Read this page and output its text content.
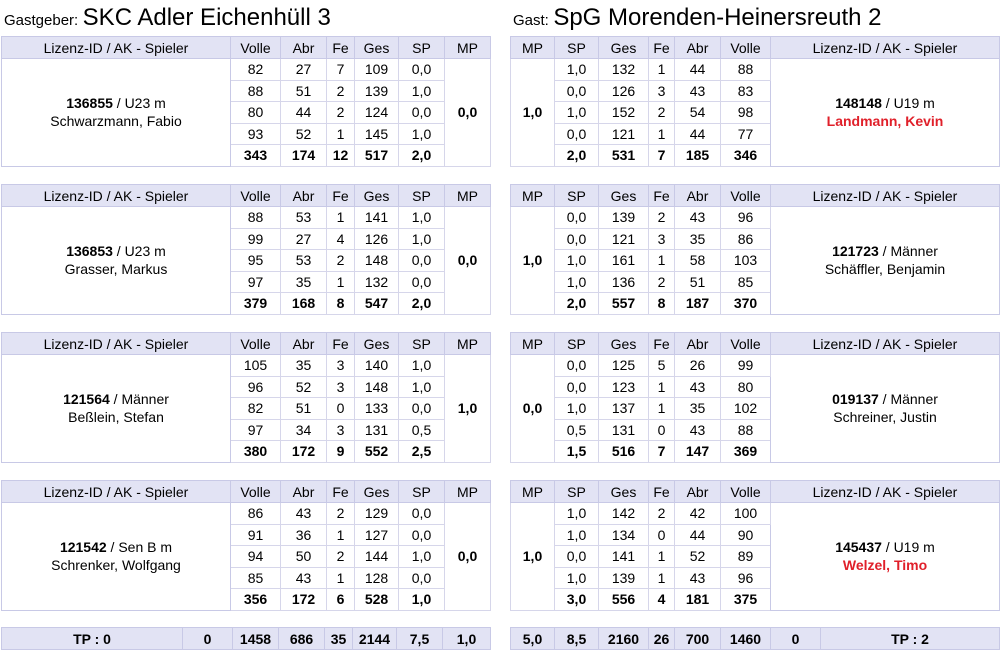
Gastgeber: SKC Adler Eichenhüll 3	Gast: SpG Morenden-Heinersreuth 2
Lizenz-ID / AK - Spieler	Volle	Abr	Fe	Ges	SP	MP

136855 / U23 m
Schwarzmann, Fabio	82	27	7	109	0,0	0,0
	88	51	2	139	1,0	
	80	44	2	124	0,0	
	93	52	1	145	1,0	
	343	174	12	517	2,0	
MP	SP	Ges	Fe	Abr	Volle	Lizenz-ID / AK - Spieler
1,0	1,0	132	1	44	88	148148 / U19 m
Landmann, Kevin

	0,0	126	3	43	83	
	1,0	152	2	54	98	
	0,0	121	1	44	77	
	2,0	531	7	185	346	
Lizenz-ID / AK - Spieler	Volle	Abr	Fe	Ges	SP	MP

136853 / U23 m
Grasser, Markus	88	53	1	141	1,0	0,0
	99	27	4	126	1,0	
	95	53	2	148	0,0	
	97	35	1	132	0,0	
	379	168	8	547	2,0	
MP	SP	Ges	Fe	Abr	Volle	Lizenz-ID / AK - Spieler
1,0	0,0	139	2	43	96	121723 / Männer
Schäffler, Benjamin

	0,0	121	3	35	86	
	1,0	161	1	58	103	
	1,0	136	2	51	85	
	2,0	557	8	187	370	
Lizenz-ID / AK - Spieler	Volle	Abr	Fe	Ges	SP	MP

121564 / Männer
Beßlein, Stefan	105	35	3	140	1,0	1,0
	96	52	3	148	1,0	
	82	51	0	133	0,0	
	97	34	3	131	0,5	
	380	172	9	552	2,5	
MP	SP	Ges	Fe	Abr	Volle	Lizenz-ID / AK - Spieler
0,0	0,0	125	5	26	99	019137 / Männer
Schreiner, Justin

	0,0	123	1	43	80	
	1,0	137	1	35	102	
	0,5	131	0	43	88	
	1,5	516	7	147	369	
Lizenz-ID / AK - Spieler	Volle	Abr	Fe	Ges	SP	MP

121542 / Sen B m
Schrenker, Wolfgang	86	43	2	129	0,0	0,0
	91	36	1	127	0,0	
	94	50	2	144	1,0	
	85	43	1	128	0,0	
	356	172	6	528	1,0	
MP	SP	Ges	Fe	Abr	Volle	Lizenz-ID / AK - Spieler
1,0	1,0	142	2	42	100	145437 / U19 m
Welzel, Timo

	1,0	134	0	44	90	
	0,0	141	1	52	89	
	1,0	139	1	43	96	
	3,0	556	4	181	375	
TP : 0	0	1458	686	35	2144	7,5	1,0	5,0	8,5	2160	26	700	1460	0	TP : 2
